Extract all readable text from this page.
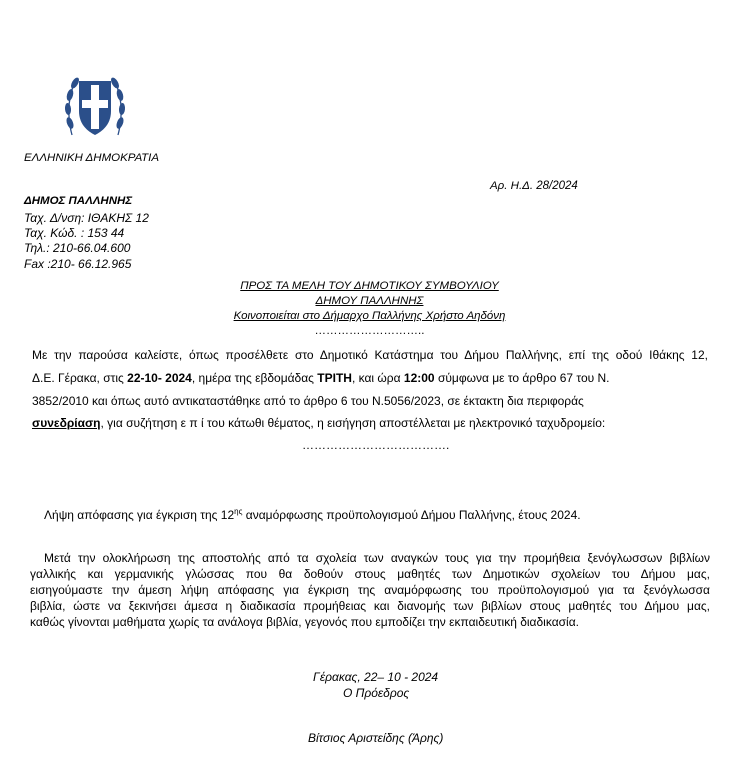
ΕΛΛΗΝΙΚΗ ΔΗΜΟΚΡΑΤΙΑ
Αρ. Η.Δ. 28/2024
ΔΗΜΟΣ ΠΑΛΛΗΝΗΣ
Ταχ. Δ/νση: ΙΘΑΚΗΣ 12
Ταχ. Κώδ. : 153 44
Τηλ.: 210-66.04.600
Fax :210- 66.12.965
ΠΡΟΣ ΤΑ ΜΕΛΗ ΤΟΥ ΔΗΜΟΤΙΚΟΥ ΣΥΜΒΟΥΛΙΟΥ
ΔΗΜΟΥ ΠΑΛΛΗΝΗΣ
Κοινοποιείται στο Δήμαρχο Παλλήνης Χρήστο Αηδόνη
………………………..
Με την παρούσα καλείστε, όπως προσέλθετε στο Δημοτικό Κατάστημα του Δήμου Παλλήνης, επί της οδού Ιθάκης 12,
Δ.Ε. Γέρακα, στις 22-10- 2024, ημέρα της εβδομάδας ΤΡΙΤΗ, και ώρα 12:00 σύμφωνα με το άρθρο 67 του Ν.
3852/2010 και όπως αυτό αντικαταστάθηκε από το άρθρο 6 του Ν.5056/2023, σε έκτακτη δια περιφοράς
συνεδρίαση, για συζήτηση ε π ί του κάτωθι θέματος, η εισήγηση αποστέλλεται με ηλεκτρονικό ταχυδρομείο:
……………………………….
Λήψη απόφασης για έγκριση της $12^{\eta\varsigma}$ αναμόρφωσης προϋπολογισμού Δήμου Παλλήνης, έτους 2024.
Μετά την ολοκλήρωση της αποστολής από τα σχολεία των αναγκών τους για την προμήθεια ξενόγλωσσων βιβλίων
γαλλικής και γερμανικής γλώσσας που θα δοθούν στους μαθητές των Δημοτικών σχολείων του Δήμου μας,
εισηγούμαστε την άμεση λήψη απόφασης για έγκριση της αναμόρφωσης του προϋπολογισμού για τα ξενόγλωσσα
βιβλία, ώστε να ξεκινήσει άμεσα η διαδικασία προμήθειας και διανομής των βιβλίων στους μαθητές του Δήμου μας,
καθώς γίνονται μαθήματα χωρίς τα ανάλογα βιβλία, γεγονός που εμποδίζει την εκπαιδευτική διαδικασία.
Γέρακας, 22– 10 - 2024
Ο Πρόεδρος
Βίτσιος Αριστείδης (Άρης)
